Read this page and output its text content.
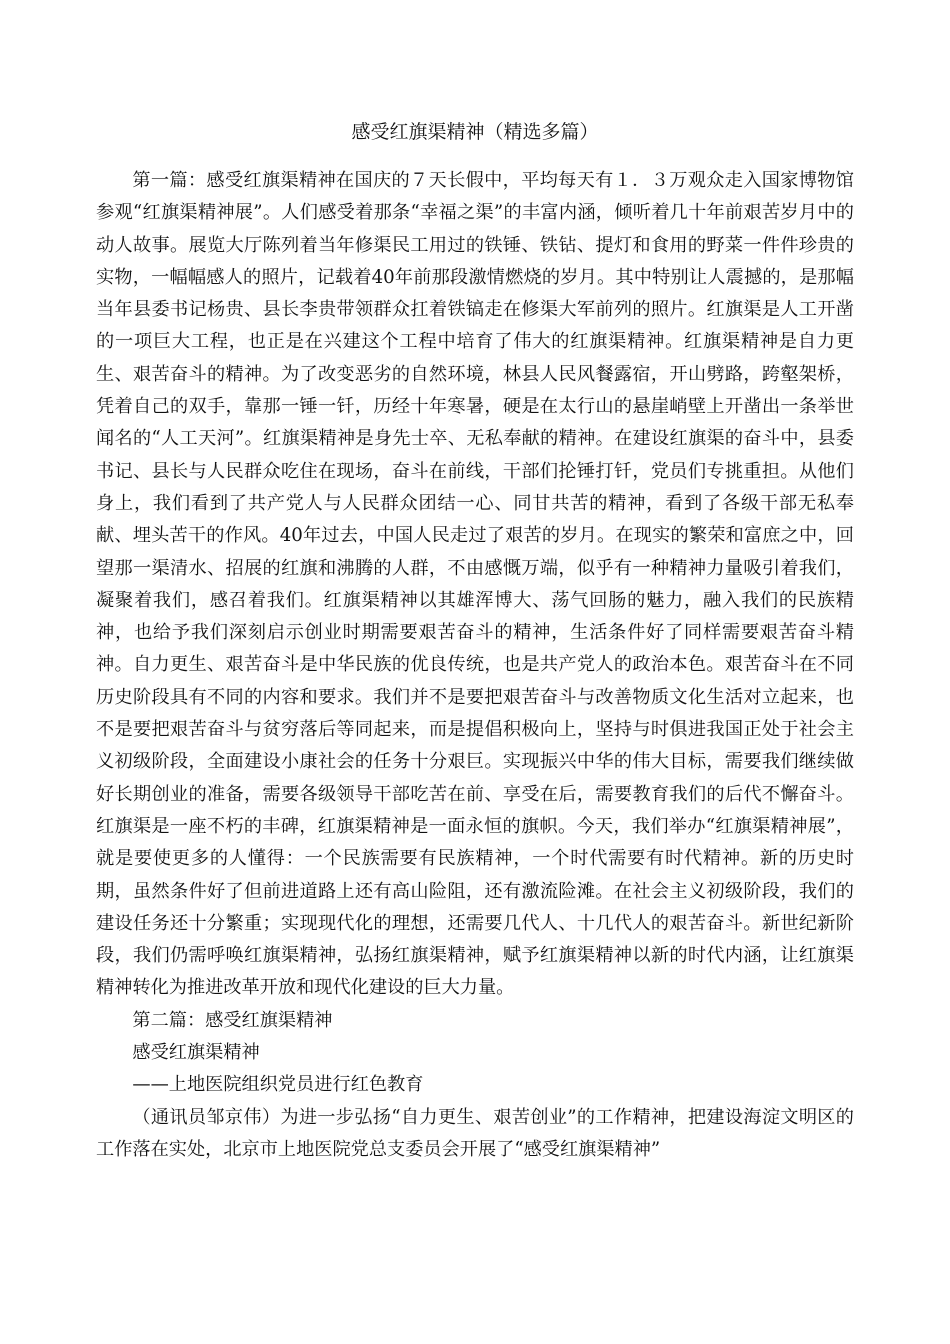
感受红旗渠精神（精选多篇）

第一篇：感受红旗渠精神在国庆的７天长假中，平均每天有１．３万观众走入国家博物馆参观“红旗渠精神展”。人们感受着那条“幸福之渠”的丰富内涵，倾听着几十年前艰苦岁月中的动人故事。展览大厅陈列着当年修渠民工用过的铁锤、铁钻、提灯和食用的野菜一件件珍贵的实物，一幅幅感人的照片，记载着40年前那段激情燃烧的岁月。其中特别让人震撼的，是那幅当年县委书记杨贵、县长李贵带领群众扛着铁镐走在修渠大军前列的照片。红旗渠是人工开凿的一项巨大工程，也正是在兴建这个工程中培育了伟大的红旗渠精神。红旗渠精神是自力更生、艰苦奋斗的精神。为了改变恶劣的自然环境，林县人民风餐露宿，开山劈路，跨壑架桥，凭着自己的双手，靠那一锤一钎，历经十年寒暑，硬是在太行山的悬崖峭壁上开凿出一条举世闻名的“人工天河”。红旗渠精神是身先士卒、无私奉献的精神。在建设红旗渠的奋斗中，县委书记、县长与人民群众吃住在现场，奋斗在前线，干部们抡锤打钎，党员们专挑重担。从他们身上，我们看到了共产党人与人民群众团结一心、同甘共苦的精神，看到了各级干部无私奉献、埋头苦干的作风。40年过去，中国人民走过了艰苦的岁月。在现实的繁荣和富庶之中，回望那一渠清水、招展的红旗和沸腾的人群，不由感慨万端，似乎有一种精神力量吸引着我们，凝聚着我们，感召着我们。红旗渠精神以其雄浑博大、荡气回肠的魅力，融入我们的民族精神，也给予我们深刻启示创业时期需要艰苦奋斗的精神，生活条件好了同样需要艰苦奋斗精神。自力更生、艰苦奋斗是中华民族的优良传统，也是共产党人的政治本色。艰苦奋斗在不同历史阶段具有不同的内容和要求。我们并不是要把艰苦奋斗与改善物质文化生活对立起来，也不是要把艰苦奋斗与贫穷落后等同起来，而是提倡积极向上，坚持与时俱进我国正处于社会主义初级阶段，全面建设小康社会的任务十分艰巨。实现振兴中华的伟大目标，需要我们继续做好长期创业的准备，需要各级领导干部吃苦在前、享受在后，需要教育我们的后代不懈奋斗。红旗渠是一座不朽的丰碑，红旗渠精神是一面永恒的旗帜。今天，我们举办“红旗渠精神展”，就是要使更多的人懂得：一个民族需要有民族精神，一个时代需要有时代精神。新的历史时期，虽然条件好了但前进道路上还有高山险阻，还有激流险滩。在社会主义初级阶段，我们的建设任务还十分繁重；实现现代化的理想，还需要几代人、十几代人的艰苦奋斗。新世纪新阶段，我们仍需呼唤红旗渠精神，弘扬红旗渠精神，赋予红旗渠精神以新的时代内涵，让红旗渠精神转化为推进改革开放和现代化建设的巨大力量。

第二篇：感受红旗渠精神

感受红旗渠精神

——上地医院组织党员进行红色教育

（通讯员邹京伟）为进一步弘扬“自力更生、艰苦创业”的工作精神，把建设海淀文明区的工作落在实处，北京市上地医院党总支委员会开展了“感受红旗渠精神”
